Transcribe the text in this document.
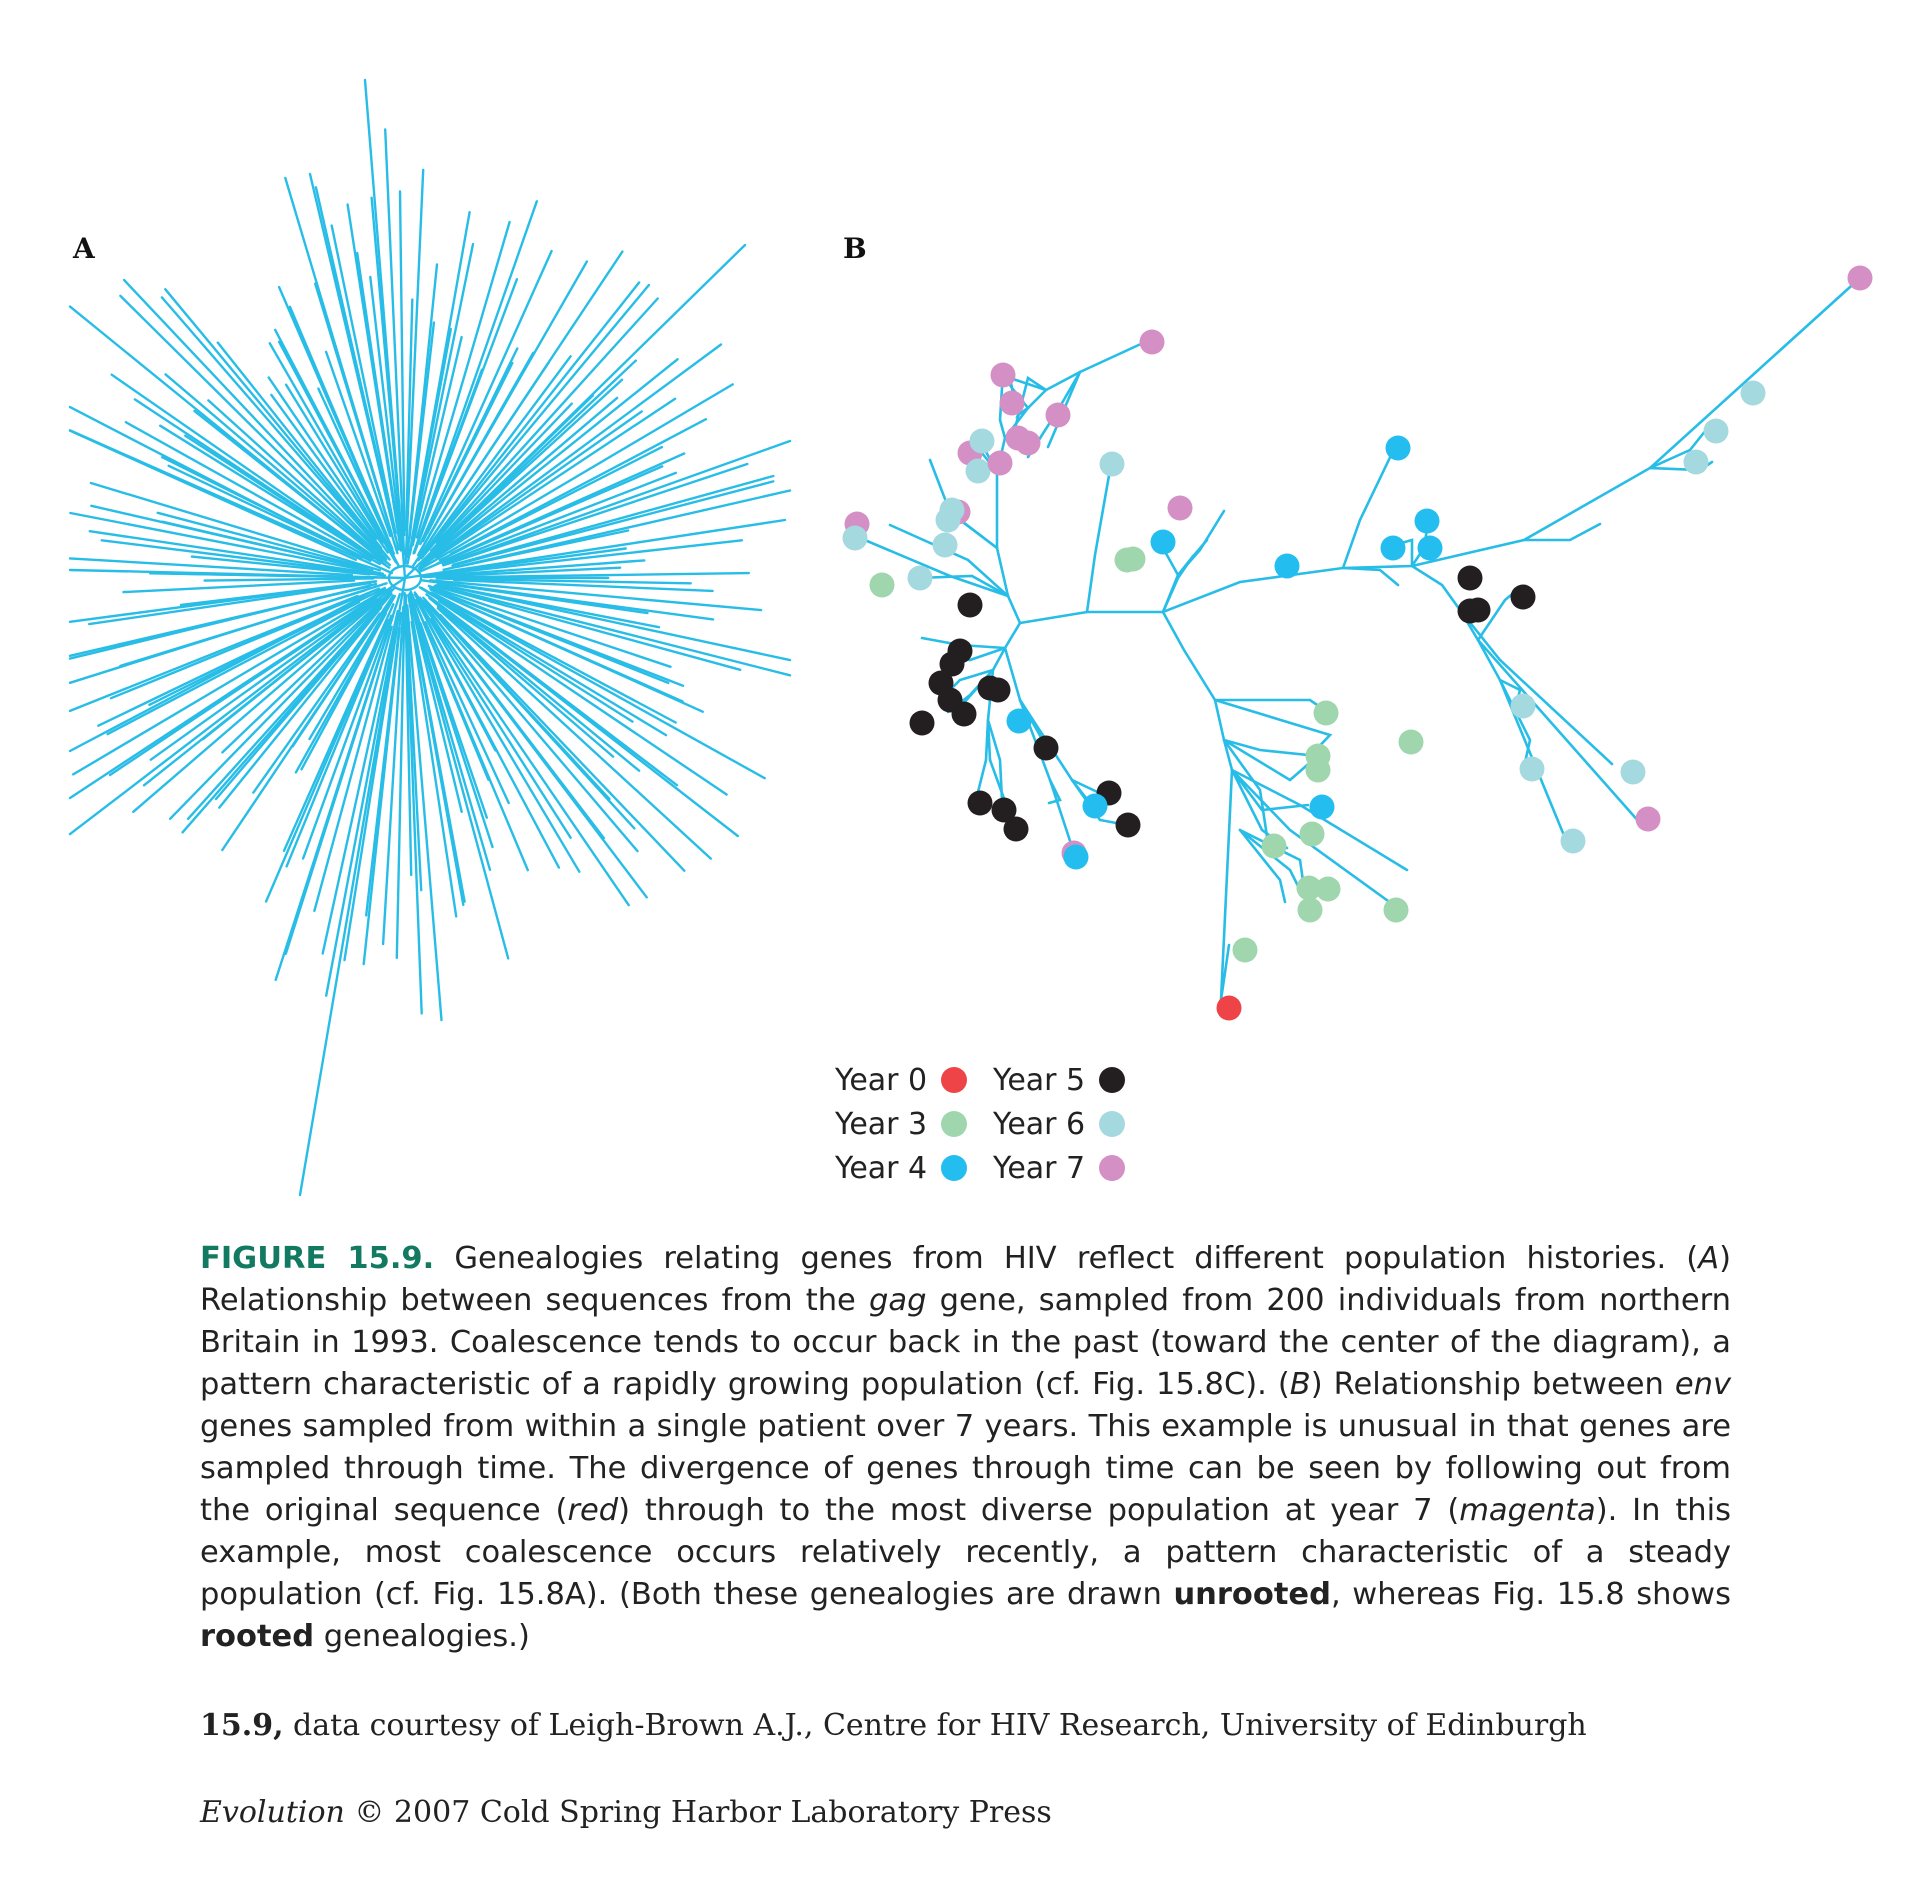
A	B
Year 0 Year 5
Year 3 Year 6
Year 4 Year 7
FIGURE 15.9. Genealogies relating genes from HIV reflect different population histories. (A) Relationship between sequences from the gag gene, sampled from 200 individuals from northern Britain in 1993. Coalescence tends to occur back in the past (toward the center of the diagram), a pattern characteristic of a rapidly growing population (cf. Fig. 15.8C). (B) Relationship between env genes sampled from within a single patient over 7 years. This example is unusual in that genes are sampled through time. The divergence of genes through time can be seen by following out from the original sequence (red) through to the most diverse population at year 7 (magenta). In this example, most coalescence occurs relatively recently, a pattern characteristic of a steady population (cf. Fig. 15.8A). (Both these genealogies are drawn unrooted, whereas Fig. 15.8 shows rooted genealogies.)
15.9, data courtesy of Leigh-Brown A.J., Centre for HIV Research, University of Edinburgh
Evolution © 2007 Cold Spring Harbor Laboratory Press
